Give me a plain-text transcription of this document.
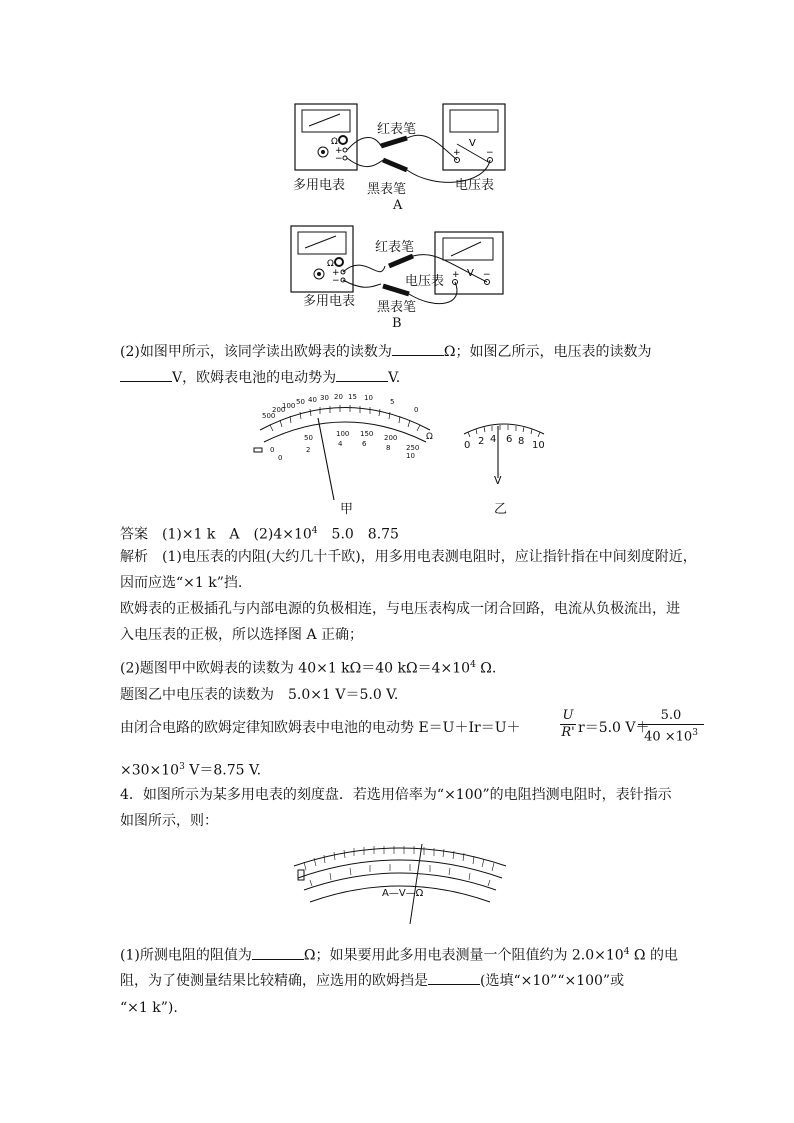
Ω
+
−
V
+	−
红表笔
黑表笔
多用电表	电压表
A
Ω
+
−
V
+	−
红表笔
电压表
黑表笔
多用电表
B
(2)如图甲所示，该同学读出欧姆表的读数为	Ω；如图乙所示，电压表的读数为
V，欧姆表电池的电动势为	V.
500
200
100 50 40 30 20 15 10 5
0
Ω
0
50	100 150 200
250
0
2
4	6	8
10
甲
0 2 4 6 8 10
V
乙
答案　 (1)×1 k　A　$(2)4\times 10^4$　5.0　8.75
解析　 (1)电压表的内阻(大约几十千欧)，用多用电表测电阻时，应让指针指在中间刻度附近，
因而应选“×1 k”挡.
欧姆表的正极插孔与内部电源的负极相连，与电压表构成一闭合回路，电流从负极流出，进
入电压表的正极，所以选择图 A 正确；
(2)题图甲中欧姆表的读数为 40×1 kΩ＝40 $k\Omega=4\times 10^4$ Ω.
题图乙中电压表的读数为　5.0×1 V＝5.0 V.
由闭合电路的欧姆定律知欧姆表中电池的电动势 E＝U＋Ir＝U＋	$\frac{U}{R'} r=5.0$ V＋
$\frac{5.0}{40 \times 10^3}$
$\times 30\times 10^3$ V＝8.75 V.
4．如图所示为某多用电表的刻度盘．若选用倍率为“×100”的电阻挡测电阻时，表针指示
如图所示，则：
A—V—Ω
(1)所测电阻的阻值为	Ω；如果要用此多用电表测量一个阻值约为 $2.0\times 10^4$ Ω 的电
阻，为了使测量结果比较精确，应选用的欧姆挡是	(选填“×10”“×100”或
“×1 k”).
